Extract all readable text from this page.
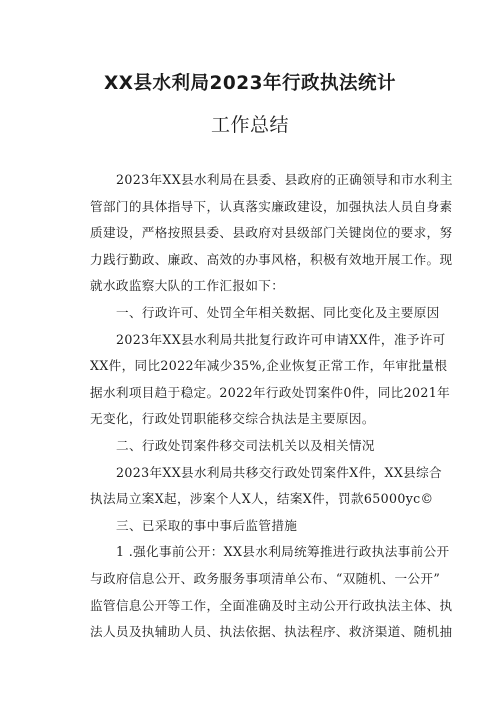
XX县水利局2023年行政执法统计
工作总结
2023年XX县水利局在县委、县政府的正确领导和市水利主
管部门的具体指导下，认真落实廉政建设，加强执法人员自身素
质建设，严格按照县委、县政府对县级部门关键岗位的要求，努
力践行勤政、廉政、高效的办事风格，积极有效地开展工作。现
就水政监察大队的工作汇报如下：
一、行政许可、处罚全年相关数据、同比变化及主要原因
2023年XX县水利局共批复行政许可申请XX件，准予许可
XX件，同比2022年减少35%,企业恢复正常工作，年审批量根
据水利项目趋于稳定。2022年行政处罚案件0件，同比2021年
无变化，行政处罚职能移交综合执法是主要原因。
二、行政处罚案件移交司法机关以及相关情况
2023年XX县水利局共移交行政处罚案件X件，XX县综合
执法局立案X起，涉案个人X人，结案X件，罚款65000yc©
三、已采取的事中事后监管措施
1 .强化事前公开：XX县水利局统筹推进行政执法事前公开
与政府信息公开、政务服务事项清单公布、“双随机、一公开”
监管信息公开等工作，全面准确及时主动公开行政执法主体、执
法人员及执辅助人员、执法依据、执法程序、救济渠道、随机抽
